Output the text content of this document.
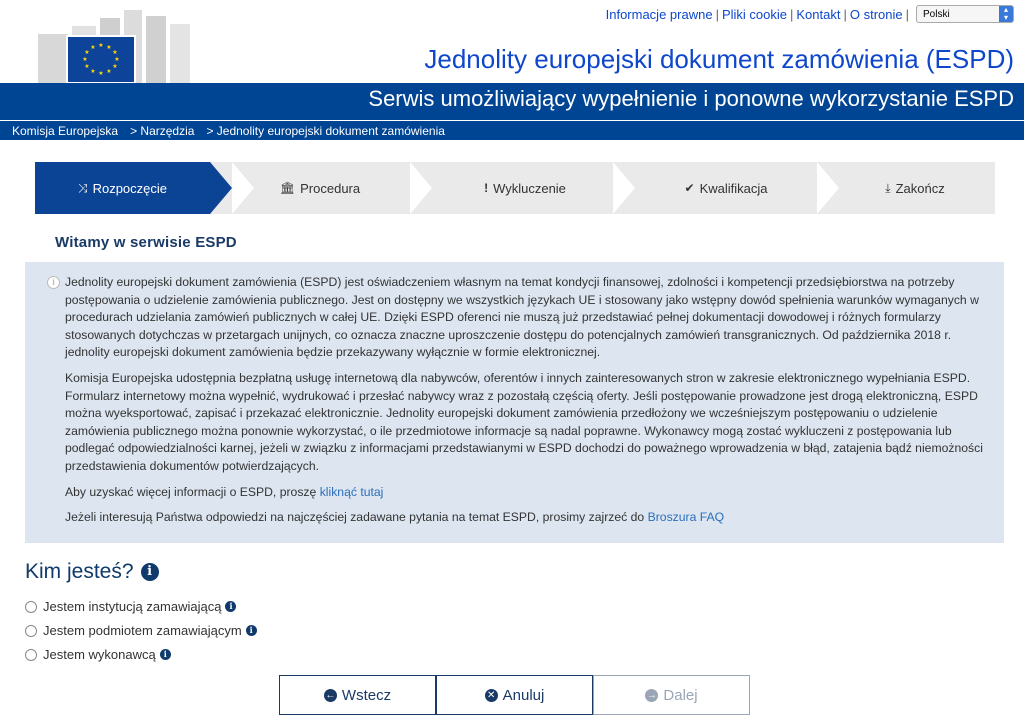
Informacje prawne | Pliki cookie | Kontakt | O stronie | Polski	▴
▾
★ ★
★
★
★
★
★
★
★
★
★
★	Jednolity europejski dokument zamówienia (ESPD)
Serwis umożliwiający wypełnienie i ponowne wykorzystanie ESPD
Komisja Europejska > Narzędzia > Jednolity europejski dokument zamówienia
⤨ Rozpoczęcie	🏛 Procedura	! Wykluczenie	✔ Kwalifikacja	⤓ Zakończ
Witamy w serwisie ESPD
i Jednolity europejski dokument zamówienia (ESPD) jest oświadczeniem własnym na temat kondycji finansowej, zdolności i kompetencji przedsiębiorstwa na potrzeby postępowania o udzielenie zamówienia publicznego. Jest on dostępny we wszystkich językach UE i stosowany jako wstępny dowód spełnienia warunków wymaganych w procedurach udzielania zamówień publicznych w całej UE. Dzięki ESPD oferenci nie muszą już przedstawiać pełnej dokumentacji dowodowej i różnych formularzy stosowanych dotychczas w przetargach unijnych, co oznacza znaczne uproszczenie dostępu do potencjalnych zamówień transgranicznych. Od października 2018 r. jednolity europejski dokument zamówienia będzie przekazywany wyłącznie w formie elektronicznej.

Komisja Europejska udostępnia bezpłatną usługę internetową dla nabywców, oferentów i innych zainteresowanych stron w zakresie elektronicznego wypełniania ESPD. Formularz internetowy można wypełnić, wydrukować i przesłać nabywcy wraz z pozostałą częścią oferty. Jeśli postępowanie prowadzone jest drogą elektroniczną, ESPD można wyeksportować, zapisać i przekazać elektronicznie. Jednolity europejski dokument zamówienia przedłożony we wcześniejszym postępowaniu o udzielenie zamówienia publicznego można ponownie wykorzystać, o ile przedmiotowe informacje są nadal poprawne. Wykonawcy mogą zostać wykluczeni z postępowania lub podlegać odpowiedzialności karnej, jeżeli w związku z informacjami przedstawianymi w ESPD dochodzi do poważnego wprowadzenia w błąd, zatajenia bądź niemożności przedstawienia dokumentów potwierdzających.

Aby uzyskać więcej informacji o ESPD, proszę kliknąć tutaj

Jeżeli interesują Państwa odpowiedzi na najczęściej zadawane pytania na temat ESPD, prosimy zajrzeć do Broszura FAQ

Kim jesteś?	i
Jestem instytucją zamawiającą i
Jestem podmiotem zamawiającym i
Jestem wykonawcą i
← Wstecz	✕ Anuluj	→ Dalej
